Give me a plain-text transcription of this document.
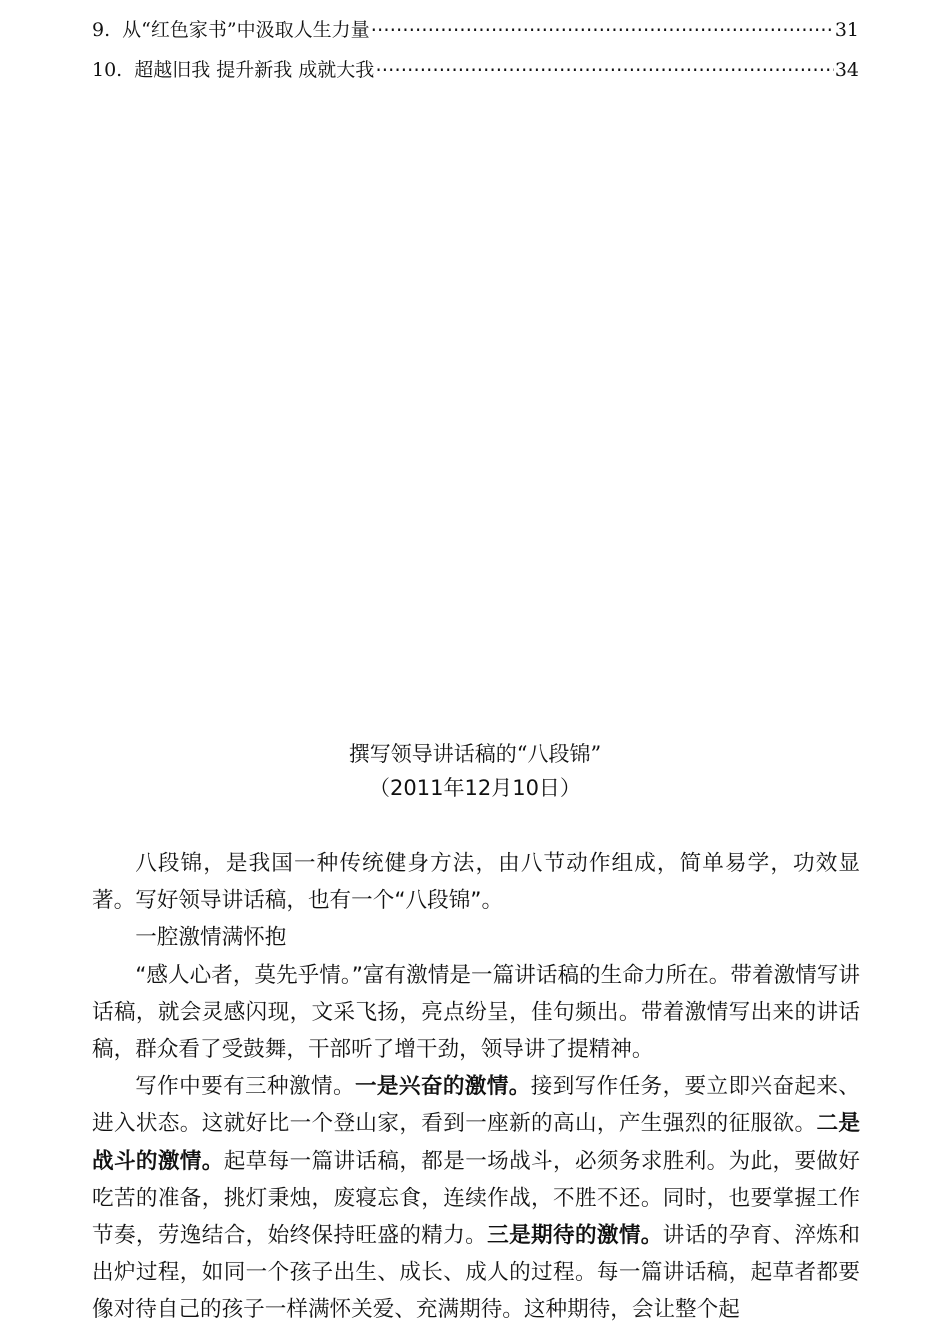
9. 从“红色家书”中汲取人生力量 ⋯⋯⋯⋯⋯⋯⋯⋯⋯⋯⋯⋯⋯⋯⋯⋯⋯⋯⋯⋯⋯⋯⋯⋯⋯⋯⋯⋯⋯⋯⋯⋯⋯⋯⋯⋯⋯⋯⋯⋯⋯⋯⋯⋯⋯⋯⋯⋯⋯⋯⋯⋯⋯⋯⋯⋯⋯⋯⋯⋯	31
10. 超越旧我 提升新我 成就大我 ⋯⋯⋯⋯⋯⋯⋯⋯⋯⋯⋯⋯⋯⋯⋯⋯⋯⋯⋯⋯⋯⋯⋯⋯⋯⋯⋯⋯⋯⋯⋯⋯⋯⋯⋯⋯⋯⋯⋯⋯⋯⋯⋯⋯⋯⋯⋯⋯⋯⋯⋯⋯⋯⋯⋯⋯⋯⋯⋯⋯	34
撰写领导讲话稿的“八段锦”
（2011年12月10日）

八段锦，是我国一种传统健身方法，由八节动作组成，简单易学，功效显著。写好领导讲话稿，也有一个“八段锦”。

一腔激情满怀抱

“感人心者，莫先乎情。”富有激情是一篇讲话稿的生命力所在。带着激情写讲话稿，就会灵感闪现，文采飞扬，亮点纷呈，佳句频出。带着激情写出来的讲话稿，群众看了受鼓舞，干部听了增干劲，领导讲了提精神。

写作中要有三种激情。一是兴奋的激情。接到写作任务，要立即兴奋起来、进入状态。这就好比一个登山家，看到一座新的高山，产生强烈的征服欲。二是战斗的激情。起草每一篇讲话稿，都是一场战斗，必须务求胜利。为此，要做好吃苦的准备，挑灯秉烛，废寝忘食，连续作战，不胜不还。同时，也要掌握工作节奏，劳逸结合，始终保持旺盛的精力。三是期待的激情。讲话的孕育、淬炼和出炉过程，如同一个孩子出生、成长、成人的过程。每一篇讲话稿，起草者都要像对待自己的孩子一样满怀关爱、充满期待。这种期待，会让整个起
